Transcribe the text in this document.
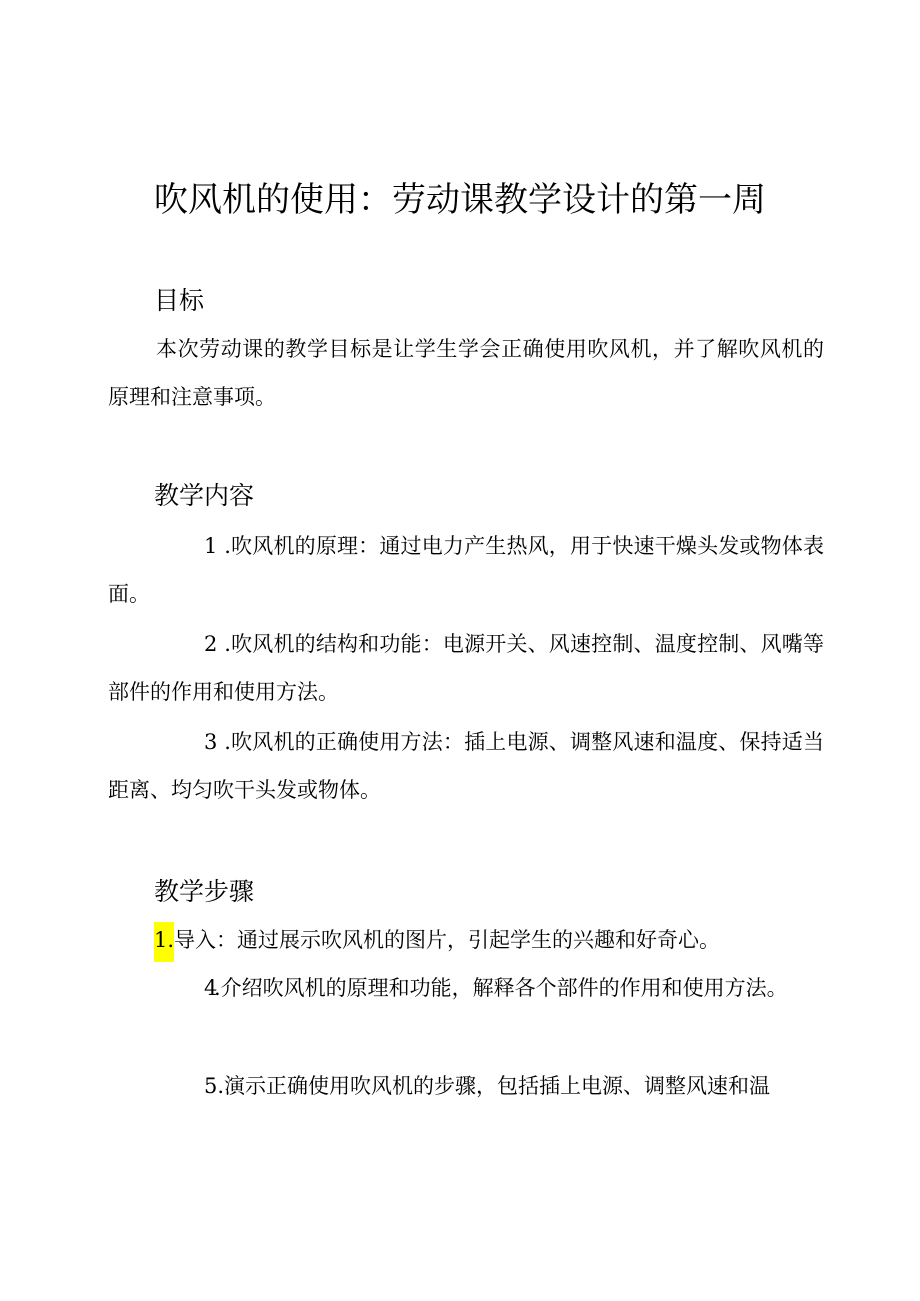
吹风机的使用：劳动课教学设计的第一周
目标

本次劳动课的教学目标是让学生学会正确使用吹风机，并了解吹风机的原理和注意事项。

教学内容

1 .吹风机的原理：通过电力产生热风，用于快速干燥头发或物体表面。

2 .吹风机的结构和功能：电源开关、风速控制、温度控制、风嘴等部件的作用和使用方法。

3 .吹风机的正确使用方法：插上电源、调整风速和温度、保持适当距离、均匀吹干头发或物体。

教学步骤

1.导入：通过展示吹风机的图片，引起学生的兴趣和好奇心。

4.介绍吹风机的原理和功能，解释各个部件的作用和使用方法。

5.演示正确使用吹风机的步骤，包括插上电源、调整风速和温
